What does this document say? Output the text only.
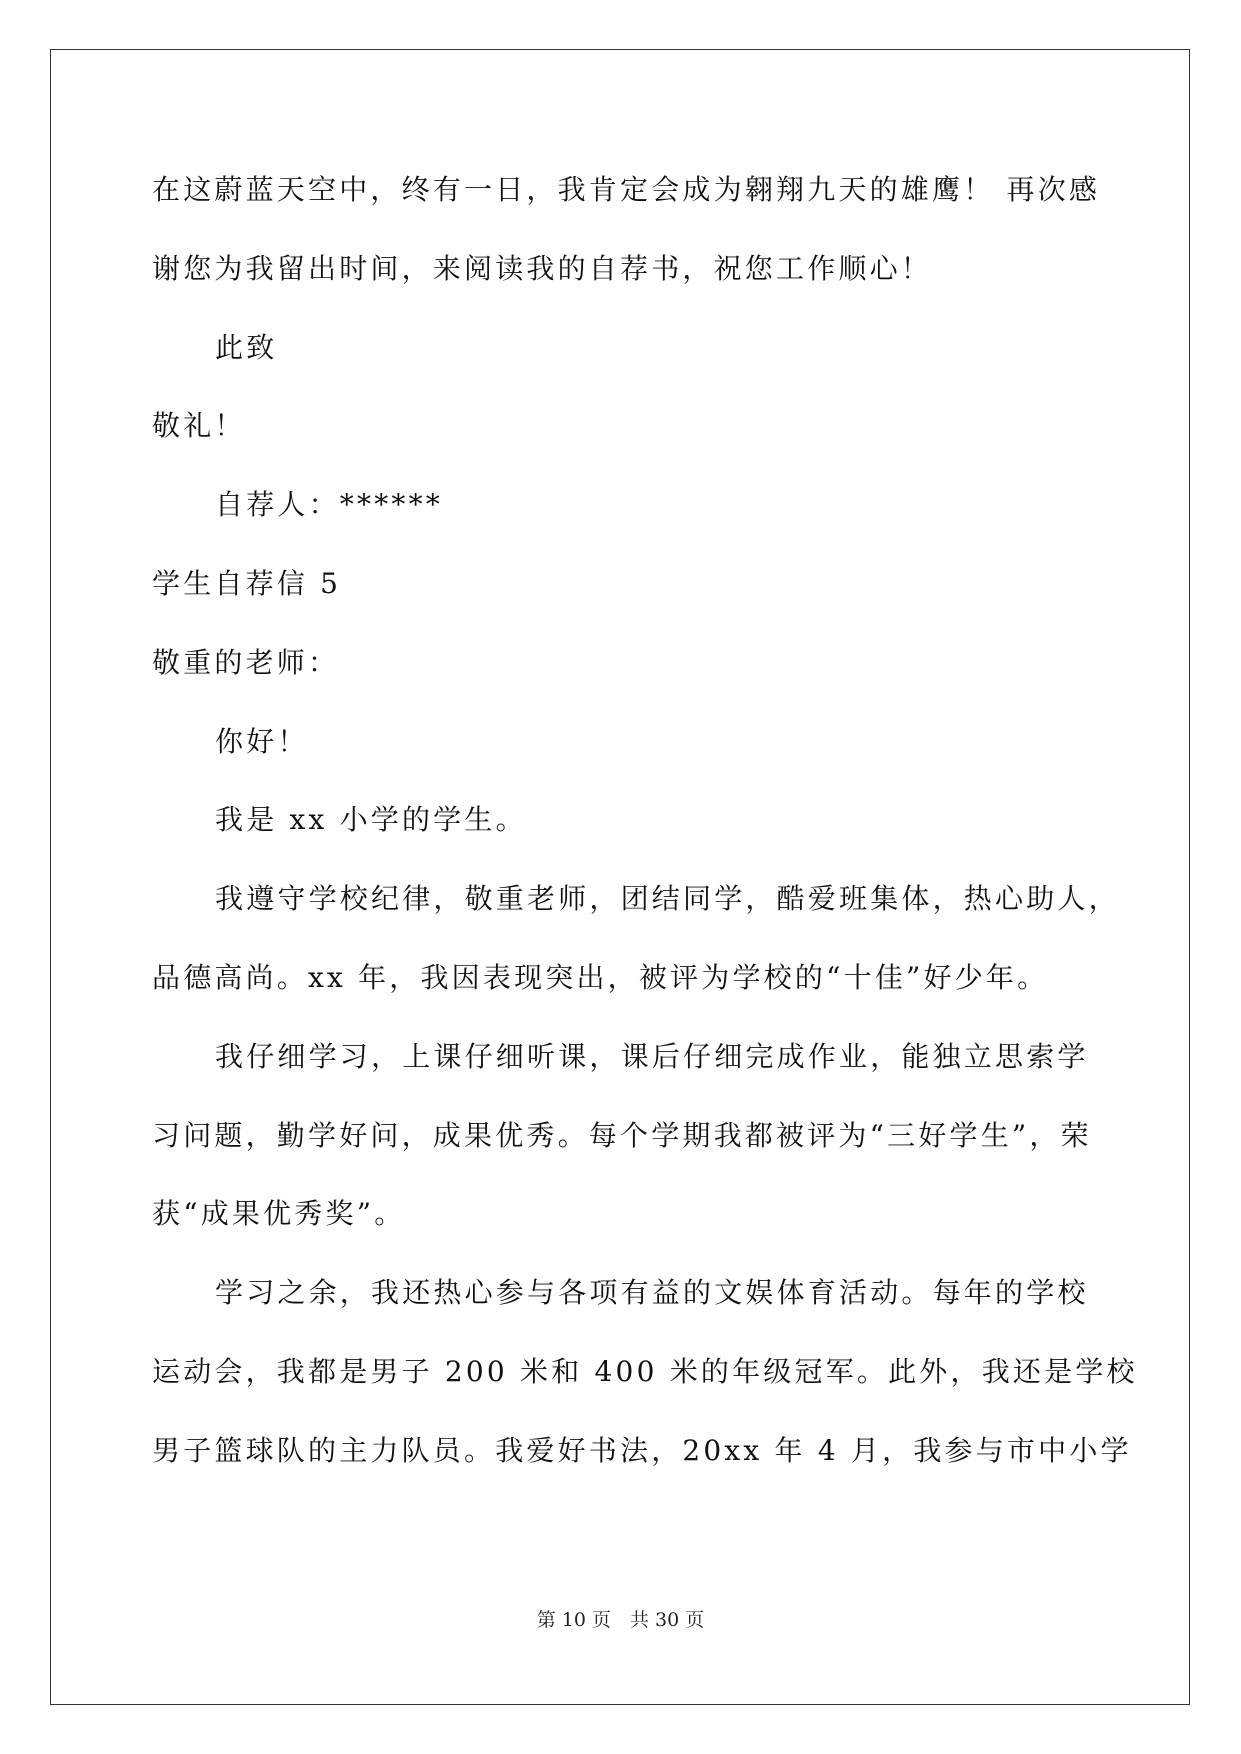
在这蔚蓝天空中，终有一日，我肯定会成为翱翔九天的雄鹰！ 再次感
谢您为我留出时间，来阅读我的自荐书，祝您工作顺心！
此致
敬礼！
自荐人：******
学生自荐信 5
敬重的老师：
你好！
我是 xx 小学的学生。
我遵守学校纪律，敬重老师，团结同学，酷爱班集体，热心助人，
品德高尚。xx 年，我因表现突出，被评为学校的“十佳”好少年。
我仔细学习，上课仔细听课，课后仔细完成作业，能独立思索学
习问题，勤学好问，成果优秀。每个学期我都被评为“三好学生”，荣
获“成果优秀奖”。
学习之余，我还热心参与各项有益的文娱体育活动。每年的学校
运动会，我都是男子 200 米和 400 米的年级冠军。此外，我还是学校
男子篮球队的主力队员。我爱好书法，20xx 年 4 月，我参与市中小学
第 10 页　共 30 页
